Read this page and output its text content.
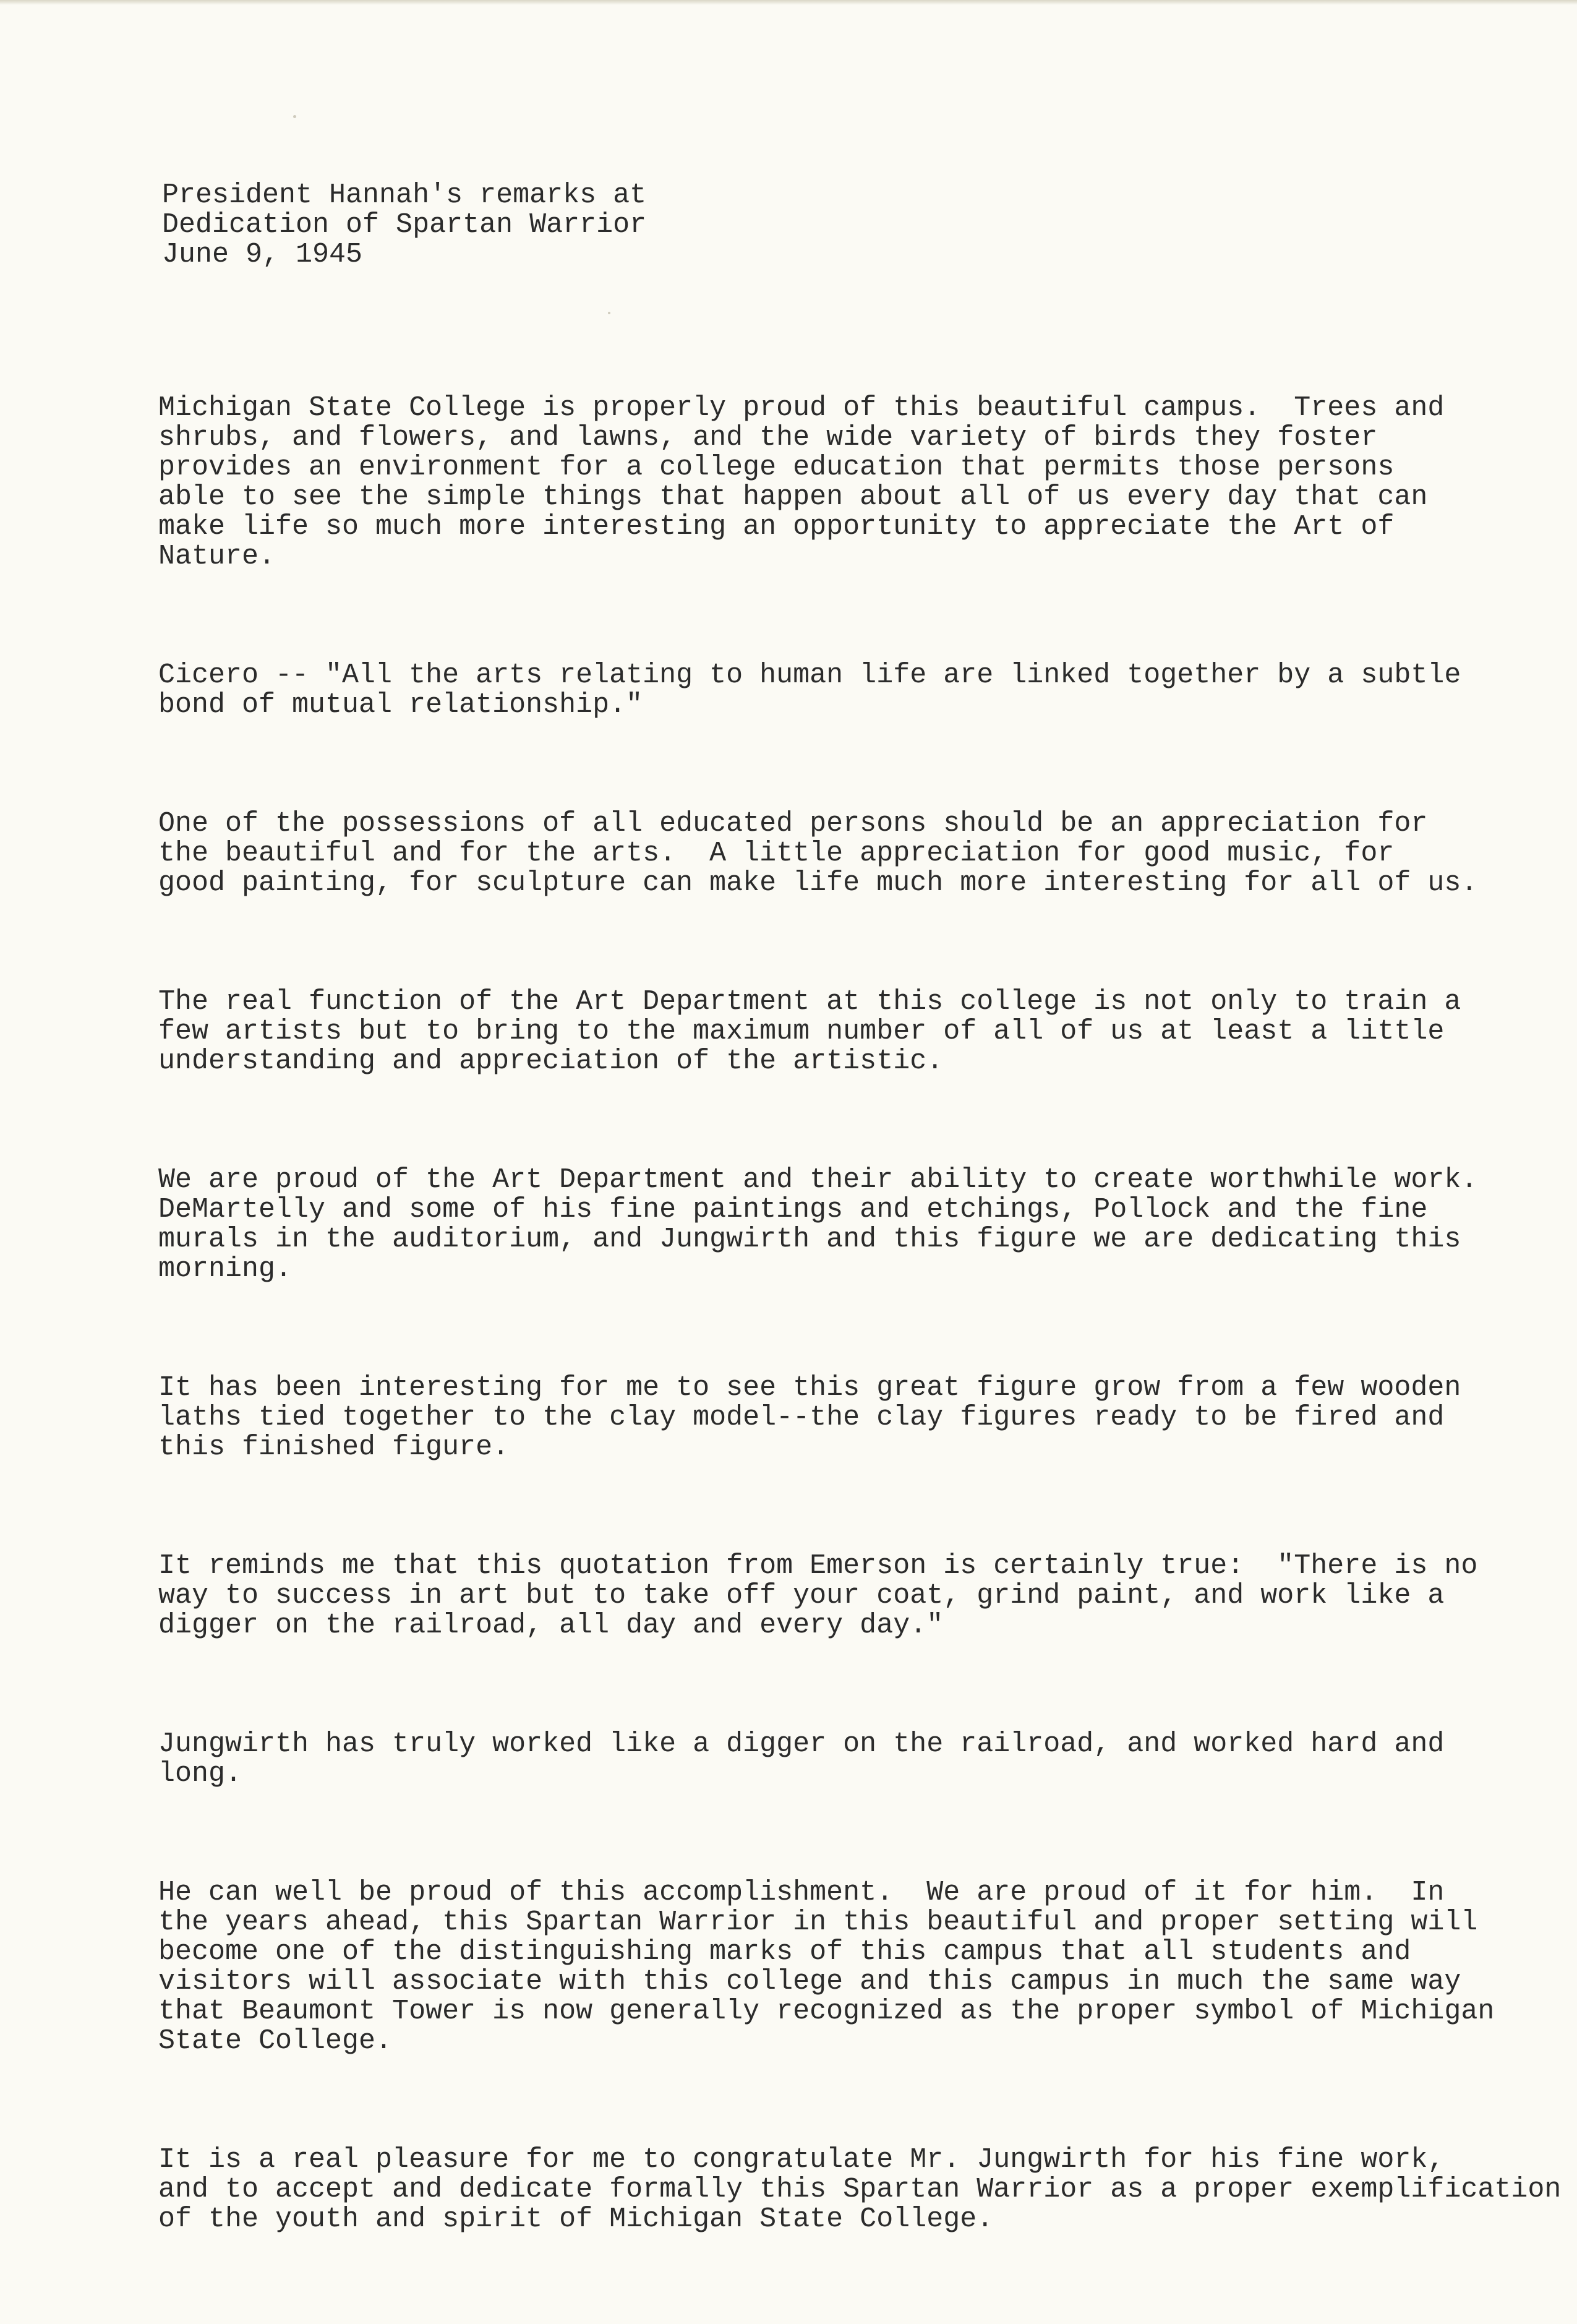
President Hannah's remarks at
Dedication of Spartan Warrior
June 9, 1945

Michigan State College is properly proud of this beautiful campus.  Trees and
shrubs, and flowers, and lawns, and the wide variety of birds they foster
provides an environment for a college education that permits those persons
able to see the simple things that happen about all of us every day that can
make life so much more interesting an opportunity to appreciate the Art of
Nature.

Cicero -- "All the arts relating to human life are linked together by a subtle
bond of mutual relationship."

One of the possessions of all educated persons should be an appreciation for
the beautiful and for the arts.  A little appreciation for good music, for
good painting, for sculpture can make life much more interesting for all of us.

The real function of the Art Department at this college is not only to train a
few artists but to bring to the maximum number of all of us at least a little
understanding and appreciation of the artistic.

We are proud of the Art Department and their ability to create worthwhile work.
DeMartelly and some of his fine paintings and etchings, Pollock and the fine
murals in the auditorium, and Jungwirth and this figure we are dedicating this
morning.

It has been interesting for me to see this great figure grow from a few wooden
laths tied together to the clay model--the clay figures ready to be fired and
this finished figure.

It reminds me that this quotation from Emerson is certainly true:  "There is no
way to success in art but to take off your coat, grind paint, and work like a
digger on the railroad, all day and every day."

Jungwirth has truly worked like a digger on the railroad, and worked hard and
long.

He can well be proud of this accomplishment.  We are proud of it for him.  In
the years ahead, this Spartan Warrior in this beautiful and proper setting will
become one of the distinguishing marks of this campus that all students and
visitors will associate with this college and this campus in much the same way
that Beaumont Tower is now generally recognized as the proper symbol of Michigan
State College.

It is a real pleasure for me to congratulate Mr. Jungwirth for his fine work,
and to accept and dedicate formally this Spartan Warrior as a proper exemplification
of the youth and spirit of Michigan State College.
